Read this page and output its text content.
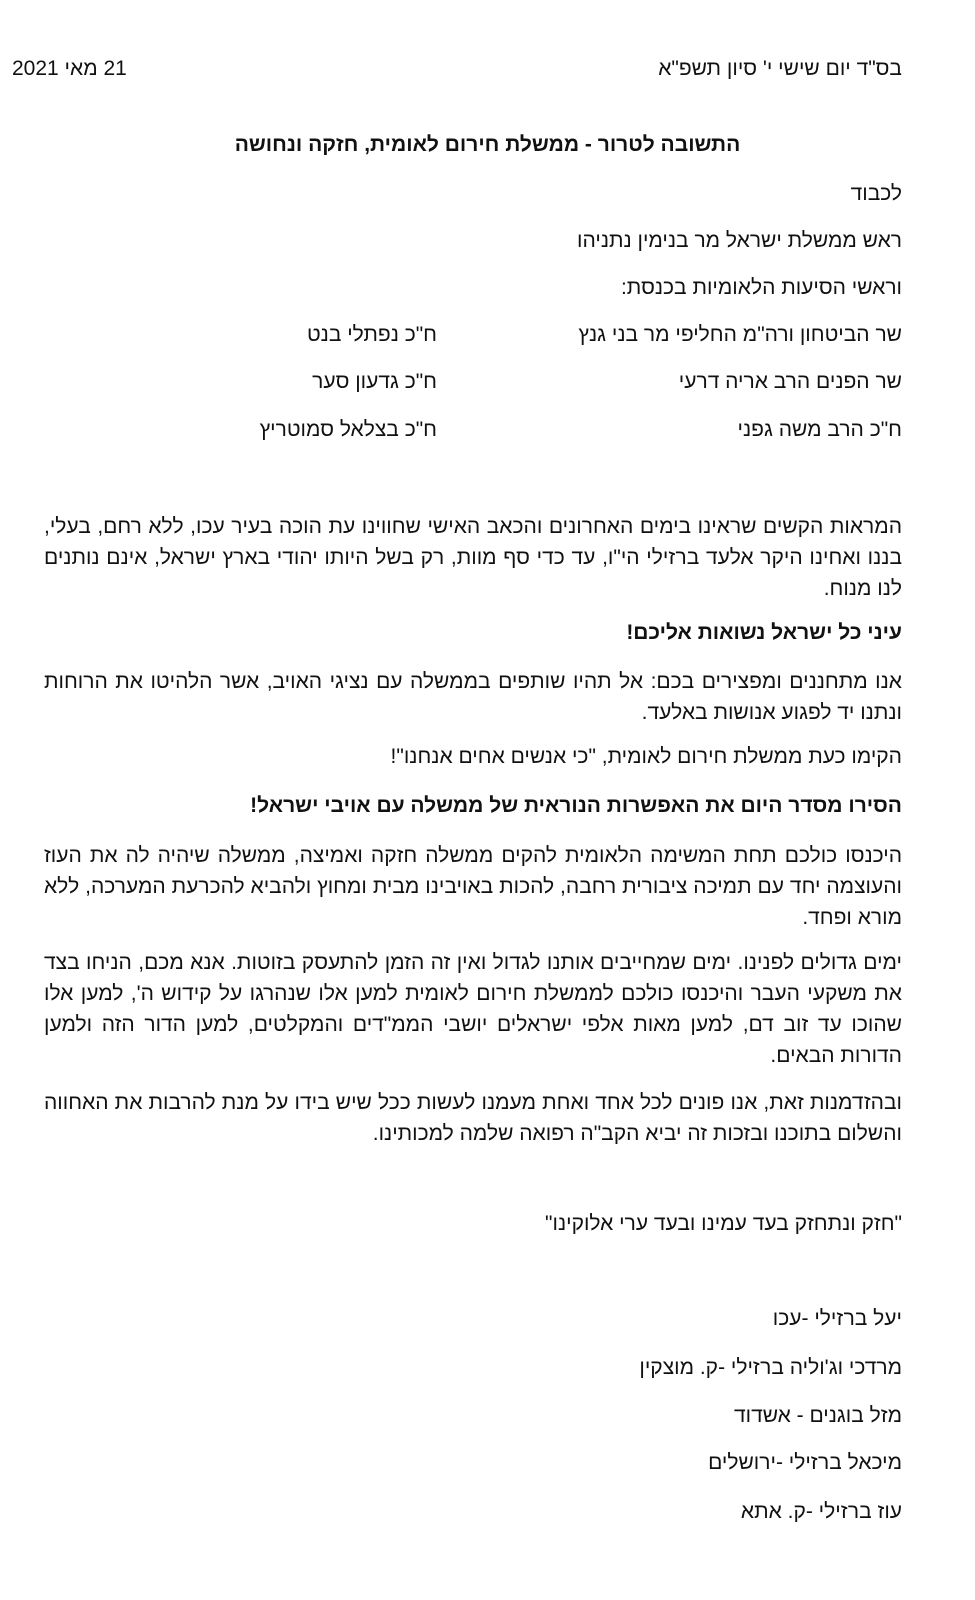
בס"ד יום שישי י' סיון תשפ"א
21 מאי 2021
התשובה לטרור - ממשלת חירום לאומית, חזקה ונחושה
לכבוד
ראש ממשלת ישראל מר בנימין נתניהו
וראשי הסיעות הלאומיות בכנסת:
שר הביטחון ורה"מ החליפי מר בני גנץ
ח"כ נפתלי בנט
שר הפנים הרב אריה דרעי
ח"כ גדעון סער
ח"כ הרב משה גפני
ח"כ בצלאל סמוטריץ
המראות הקשים שראינו בימים האחרונים והכאב האישי שחווינו עת הוכה בעיר עכו, ללא רחם, בעלי, בננו ואחינו היקר אלעד ברזילי הי"ו, עד כדי סף מוות, רק בשל היותו יהודי בארץ ישראל, אינם נותנים לנו מנוח.
עיני כל ישראל נשואות אליכם!
אנו מתחננים ומפצירים בכם: אל תהיו שותפים בממשלה עם נציגי האויב, אשר הלהיטו את הרוחות ונתנו יד לפגוע אנושות באלעד.
הקימו כעת ממשלת חירום לאומית, "כי אנשים אחים אנחנו"!
הסירו מסדר היום את האפשרות הנוראית של ממשלה עם אויבי ישראל!
היכנסו כולכם תחת המשימה הלאומית להקים ממשלה חזקה ואמיצה, ממשלה שיהיה לה את העוז והעוצמה יחד עם תמיכה ציבורית רחבה, להכות באויבינו מבית ומחוץ ולהביא להכרעת המערכה, ללא מורא ופחד.
ימים גדולים לפנינו. ימים שמחייבים אותנו לגדול ואין זה הזמן להתעסק בזוטות. אנא מכם, הניחו בצד את משקעי העבר והיכנסו כולכם לממשלת חירום לאומית למען אלו שנהרגו על קידוש ה', למען אלו שהוכו עד זוב דם, למען מאות אלפי ישראלים יושבי הממ"דים והמקלטים, למען הדור הזה ולמען הדורות הבאים.
ובהזדמנות זאת, אנו פונים לכל אחד ואחת מעמנו לעשות ככל שיש בידו על מנת להרבות את האחווה והשלום בתוכנו ובזכות זה יביא הקב"ה רפואה שלמה למכותינו.
"חזק ונתחזק בעד עמינו ובעד ערי אלוקינו"
יעל ברזילי -עכו
מרדכי וג'וליה ברזילי -ק. מוצקין
מזל בוגנים - אשדוד
מיכאל ברזילי -ירושלים
עוז ברזילי -ק. אתא
